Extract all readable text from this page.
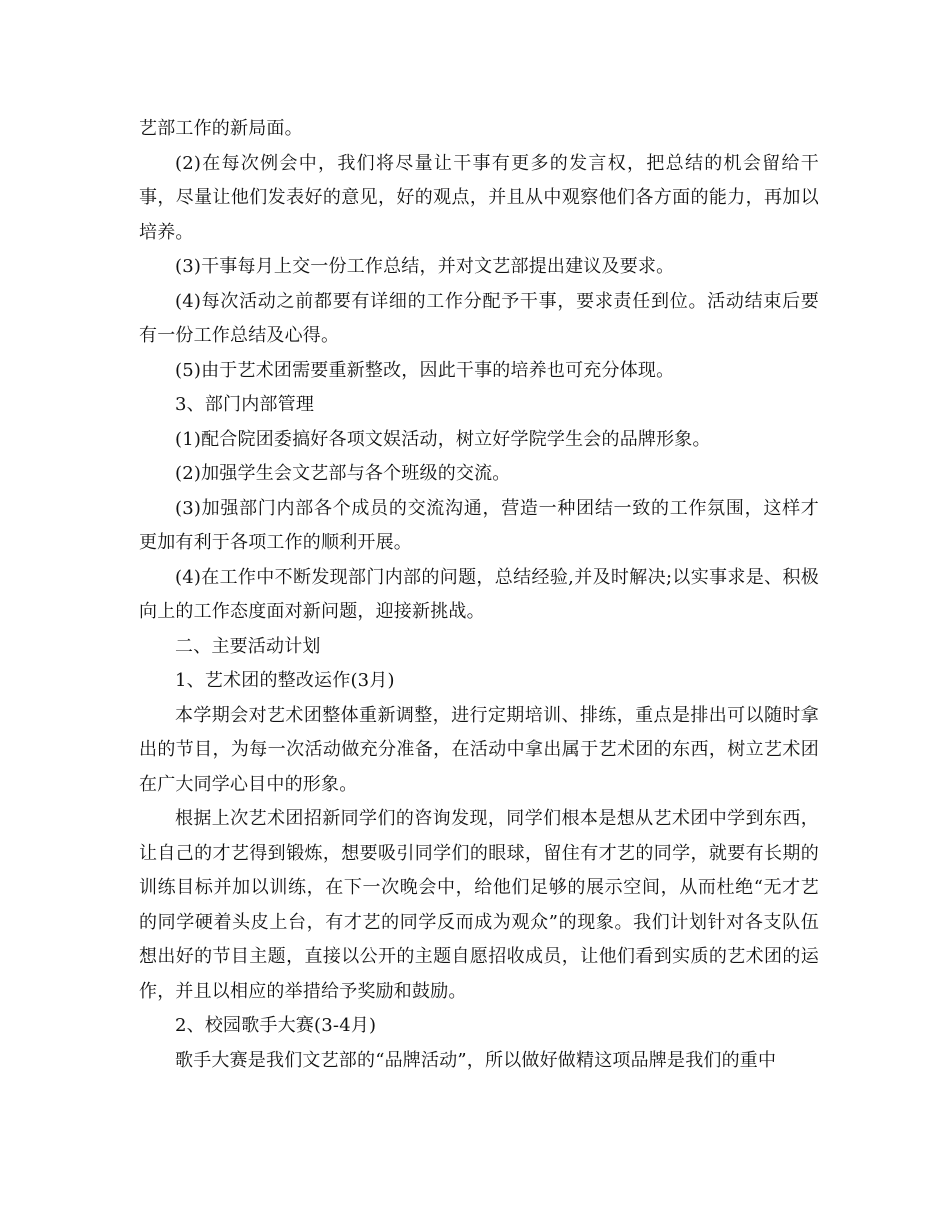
艺部工作的新局面。

(2)在每次例会中，我们将尽量让干事有更多的发言权，把总结的机会留给干事，尽量让他们发表好的意见，好的观点，并且从中观察他们各方面的能力，再加以培养。

(3)干事每月上交一份工作总结，并对文艺部提出建议及要求。

(4)每次活动之前都要有详细的工作分配予干事，要求责任到位。活动结束后要有一份工作总结及心得。

(5)由于艺术团需要重新整改，因此干事的培养也可充分体现。

3、部门内部管理

(1)配合院团委搞好各项文娱活动，树立好学院学生会的品牌形象。

(2)加强学生会文艺部与各个班级的交流。

(3)加强部门内部各个成员的交流沟通，营造一种团结一致的工作氛围，这样才更加有利于各项工作的顺利开展。

(4)在工作中不断发现部门内部的问题，总结经验,并及时解决;以实事求是、积极向上的工作态度面对新问题，迎接新挑战。

二、主要活动计划

1、艺术团的整改运作(3月)

本学期会对艺术团整体重新调整，进行定期培训、排练，重点是排出可以随时拿出的节目，为每一次活动做充分准备，在活动中拿出属于艺术团的东西，树立艺术团在广大同学心目中的形象。

根据上次艺术团招新同学们的咨询发现，同学们根本是想从艺术团中学到东西，让自己的才艺得到锻炼，想要吸引同学们的眼球，留住有才艺的同学，就要有长期的训练目标并加以训练，在下一次晚会中，给他们足够的展示空间，从而杜绝“无才艺的同学硬着头皮上台，有才艺的同学反而成为观众”的现象。我们计划针对各支队伍想出好的节目主题，直接以公开的主题自愿招收成员，让他们看到实质的艺术团的运作，并且以相应的举措给予奖励和鼓励。

2、校园歌手大赛(3-4月)

歌手大赛是我们文艺部的“品牌活动”，所以做好做精这项品牌是我们的重中
